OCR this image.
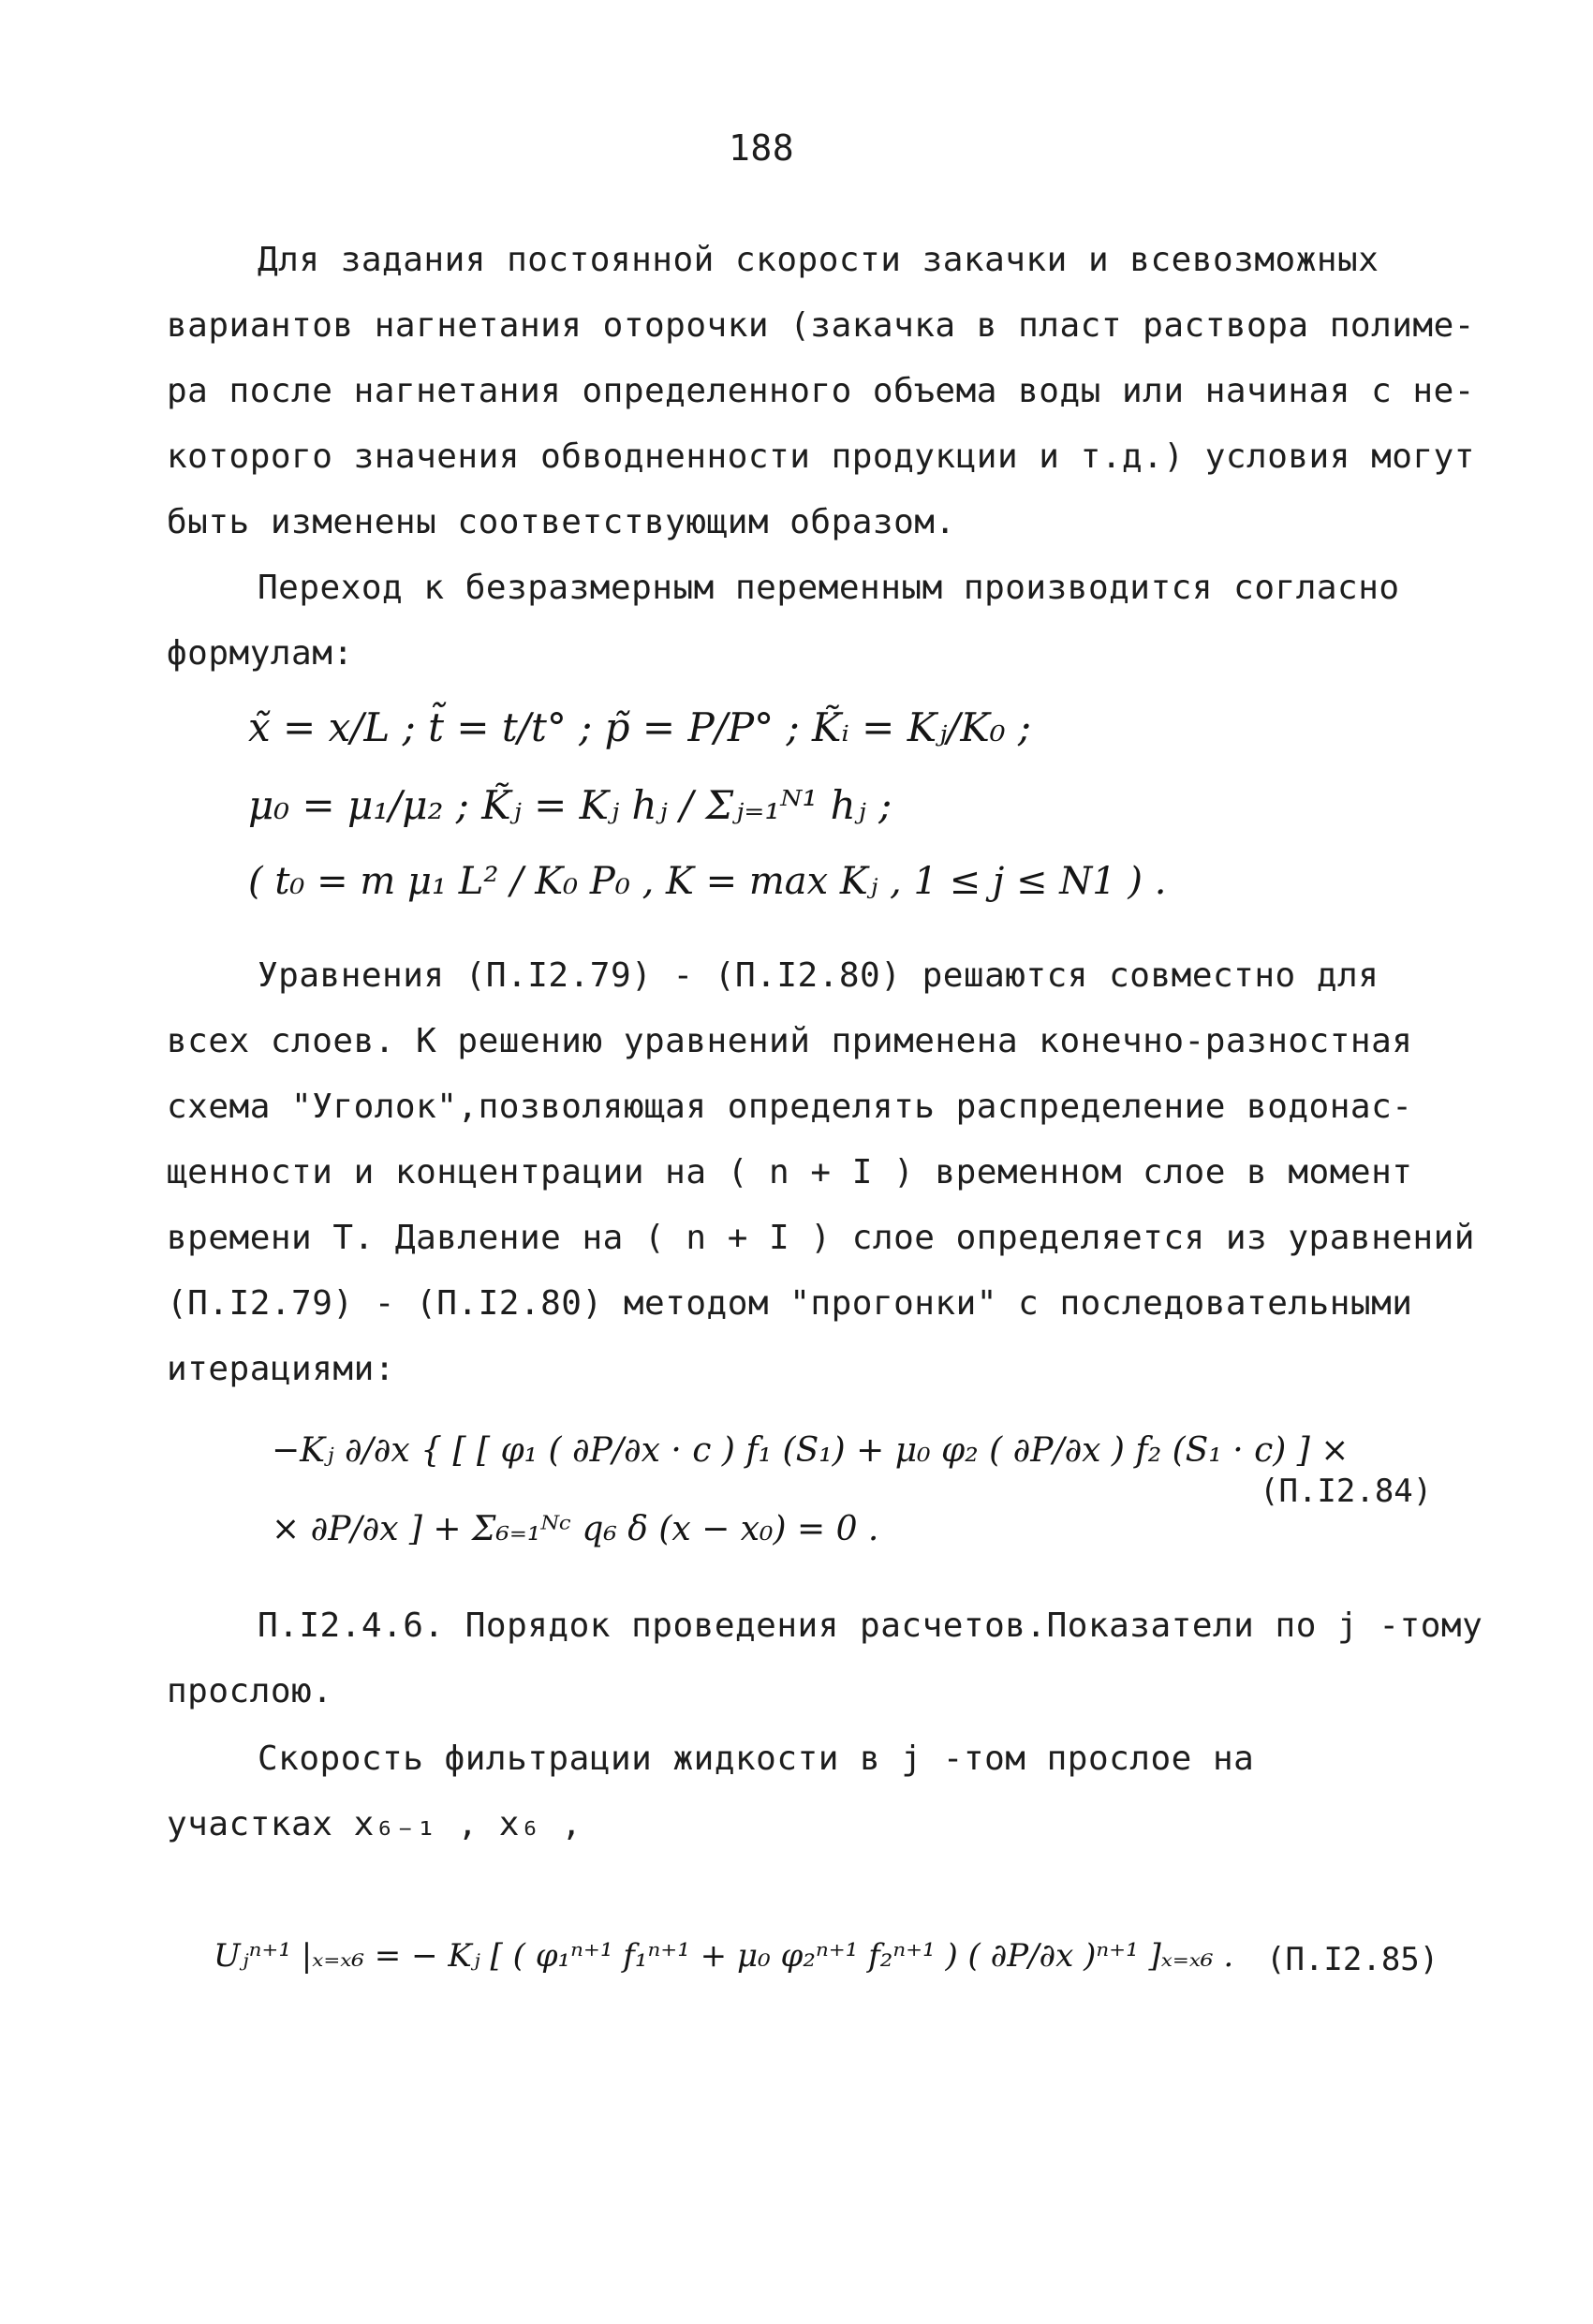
188
Для задания постоянной скорости закачки и всевозможных
вариантов нагнетания оторочки (закачка в пласт раствора полиме-
ра после нагнетания определенного объема воды или начиная с не-
которого значения обводненности продукции и т.д.) условия могут
быть изменены соответствующим образом.
Переход к безразмерным переменным производится согласно
формулам:
x̃ = x/L ; t̃ = t/t° ; p̃ = P/P° ; K̃ᵢ = Kⱼ/K₀ ;
μ₀ = μ₁/μ₂ ; K̃ⱼ = Kⱼ hⱼ / Σⱼ₌₁ᴺ¹ hⱼ ;
( t₀ = m μ₁ L² / K₀ P₀ , K = max Kⱼ , 1 ≤ j ≤ N1 ) .
Уравнения (П.I2.79) - (П.I2.80) решаются совместно для
всех слоев. К решению уравнений применена конечно-разностная
схема "Уголок",позволяющая определять распределение водонас-
щенности и концентрации на ( n + I ) временном слое в момент
времени T. Давление на ( n + I ) слое определяется из уравнений
(П.I2.79) - (П.I2.80) методом "прогонки" с последовательными
итерациями:
−Kⱼ ∂/∂x { [ [ φ₁ ( ∂P/∂x · c ) f₁ (S₁) + μ₀ φ₂ ( ∂P/∂x ) f₂ (S₁ · c) ] ×
× ∂P/∂x ] + Σ₆₌₁ᴺᶜ q₆ δ (x − x₀) = 0 .
(П.I2.84)
П.I2.4.6. Порядок проведения расчетов.Показатели по j -тому
прослою.
Скорость фильтрации жидкости в j -том прослое на
участках x₆₋₁ , x₆ ,
Uⱼⁿ⁺¹ |ₓ₌ₓ₆ = − Kⱼ [ ( φ₁ⁿ⁺¹ f₁ⁿ⁺¹ + μ₀ φ₂ⁿ⁺¹ f₂ⁿ⁺¹ ) ( ∂P/∂x )ⁿ⁺¹ ]ₓ₌ₓ₆ . (П.I2.85)
